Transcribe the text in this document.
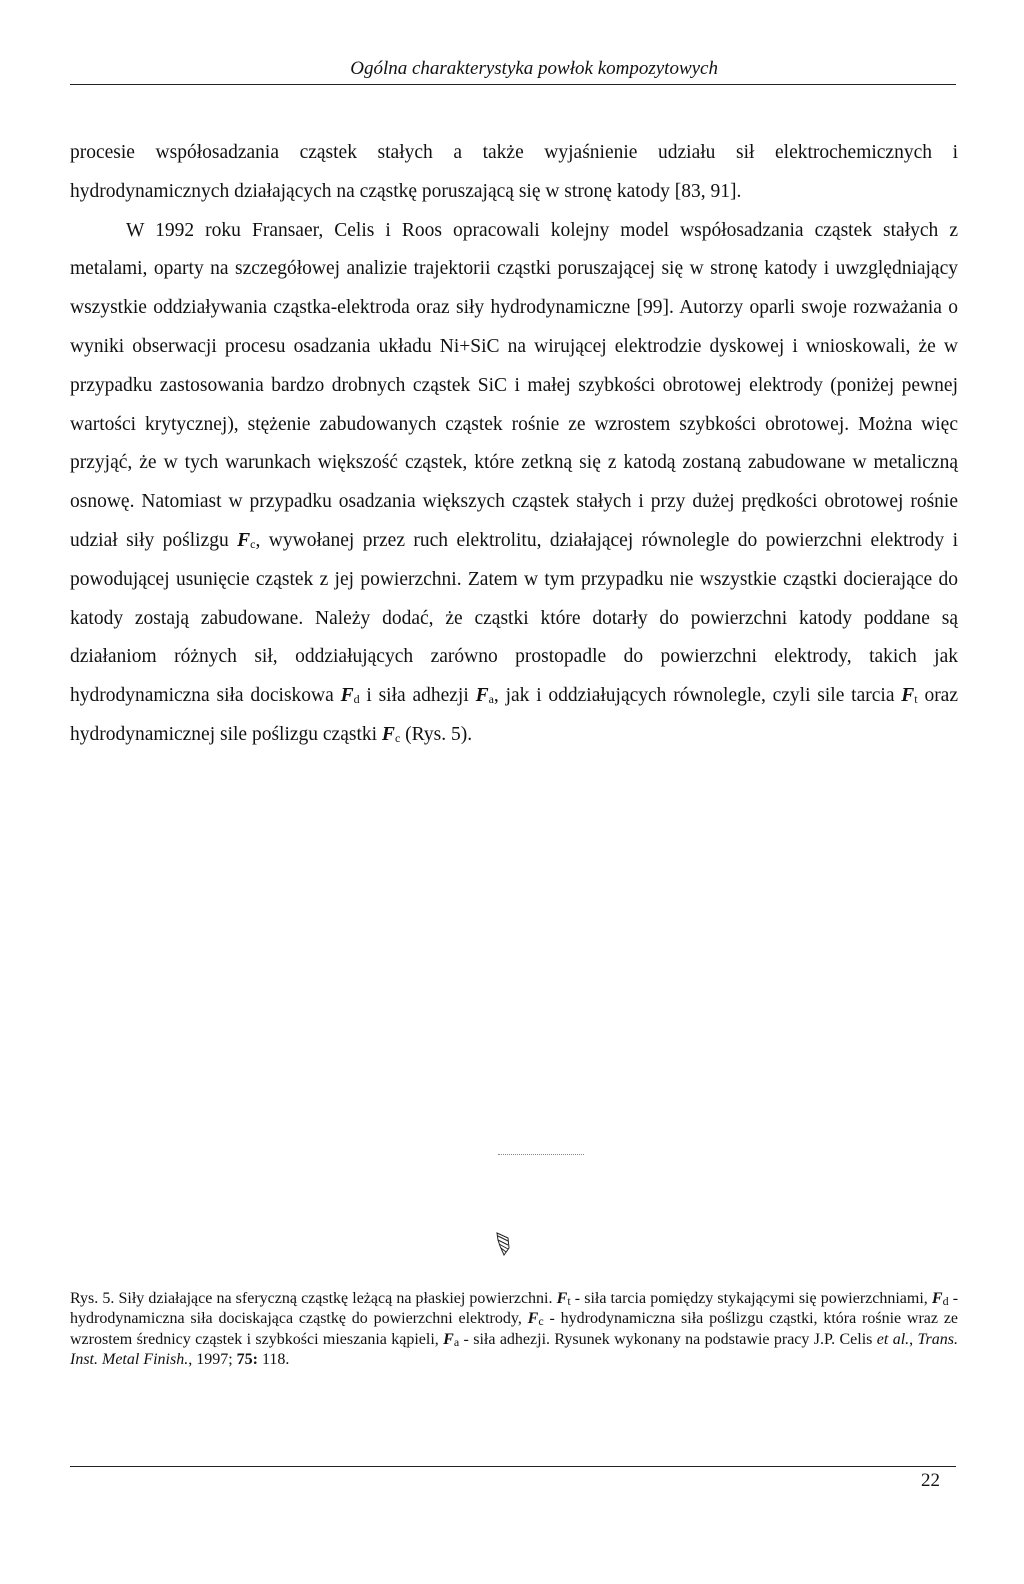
Ogólna charakterystyka powłok kompozytowych

procesie współosadzania cząstek stałych a także wyjaśnienie udziału sił elektrochemicznych i hydrodynamicznych działających na cząstkę poruszającą się w stronę katody [83, 91].

W 1992 roku Fransaer, Celis i Roos opracowali kolejny model współosadzania cząstek stałych z metalami, oparty na szczegółowej analizie trajektorii cząstki poruszającej się w stronę katody i uwzględniający wszystkie oddziaływania cząstka-elektroda oraz siły hydrodynamiczne [99]. Autorzy oparli swoje rozważania o wyniki obserwacji procesu osadzania układu Ni+SiC na wirującej elektrodzie dyskowej i wnioskowali, że w przypadku zastosowania bardzo drobnych cząstek SiC i małej szybkości obrotowej elektrody (poniżej pewnej wartości krytycznej), stężenie zabudowanych cząstek rośnie ze wzrostem szybkości obrotowej. Można więc przyjąć, że w tych warunkach większość cząstek, które zetkną się z katodą zostaną zabudowane w metaliczną osnowę. Natomiast w przypadku osadzania większych cząstek stałych i przy dużej prędkości obrotowej rośnie udział siły poślizgu $F_c$, wywołanej przez ruch elektrolitu, działającej równolegle do powierzchni elektrody i powodującej usunięcie cząstek z jej powierzchni. Zatem w tym przypadku nie wszystkie cząstki docierające do katody zostają zabudowane. Należy dodać, że cząstki które dotarły do powierzchni katody poddane są działaniom różnych sił, oddziałujących zarówno prostopadle do powierzchni elektrody, takich jak hydrodynamiczna siła dociskowa $F_d$ i siła adhezji $F_a$, jak i oddziałujących równolegle, czyli sile tarcia $F_t$ oraz hydrodynamicznej sile poślizgu cząstki $F_c$ (Rys. 5).

Rys. 5. Siły działające na sferyczną cząstkę leżącą na płaskiej powierzchni. $F_t$ - siła tarcia pomiędzy stykającymi się powierzchniami, $F_d$ - hydrodynamiczna siła dociskająca cząstkę do powierzchni elektrody, $F_c$ - hydrodynamiczna siła poślizgu cząstki, która rośnie wraz ze wzrostem średnicy cząstek i szybkości mieszania kąpieli, $F_a$ - siła adhezji. Rysunek wykonany na podstawie pracy J.P. Celis et al., Trans. Inst. Metal Finish., 1997; 75: 118.

22
